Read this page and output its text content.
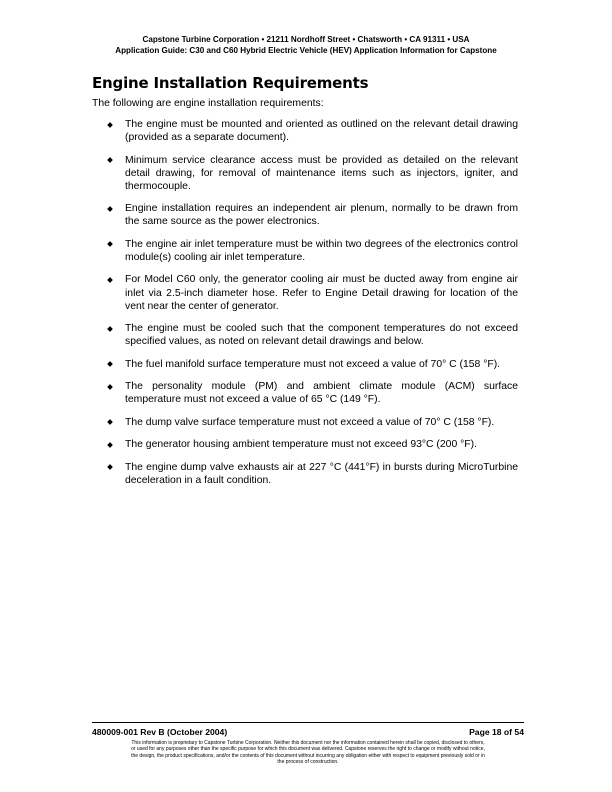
Capstone Turbine Corporation • 21211 Nordhoff Street • Chatsworth • CA 91311 • USA
Application Guide: C30 and C60 Hybrid Electric Vehicle (HEV) Application Information for Capstone
Engine Installation Requirements

The following are engine installation requirements:

The engine must be mounted and oriented as outlined on the relevant detail drawing (provided as a separate document).
Minimum service clearance access must be provided as detailed on the relevant detail drawing, for removal of maintenance items such as injectors, igniter, and thermocouple.
Engine installation requires an independent air plenum, normally to be drawn from the same source as the power electronics.
The engine air inlet temperature must be within two degrees of the electronics control module(s) cooling air inlet temperature.
For Model C60 only, the generator cooling air must be ducted away from engine air inlet via 2.5-inch diameter hose. Refer to Engine Detail drawing for location of the vent near the center of generator.
The engine must be cooled such that the component temperatures do not exceed specified values, as noted on relevant detail drawings and below.
The fuel manifold surface temperature must not exceed a value of 70° C (158 °F).
The personality module (PM) and ambient climate module (ACM) surface temperature must not exceed a value of 65 °C (149 °F).
The dump valve surface temperature must not exceed a value of 70° C (158 °F).
The generator housing ambient temperature must not exceed 93°C (200 °F).
The engine dump valve exhausts air at 227 °C (441°F) in bursts during MicroTurbine deceleration in a fault condition.
480009-001 Rev B (October 2004)	Page 18 of 54
This information is proprietary to Capstone Turbine Corporation. Neither this document nor the information contained herein shall be copied, disclosed to others,
or used for any purposes other than the specific purpose for which this document was delivered. Capstone reserves the right to change or modify without notice,
the design, the product specifications, and/or the contents of this document without incurring any obligation either with respect to equipment previously sold or in
the process of construction.
